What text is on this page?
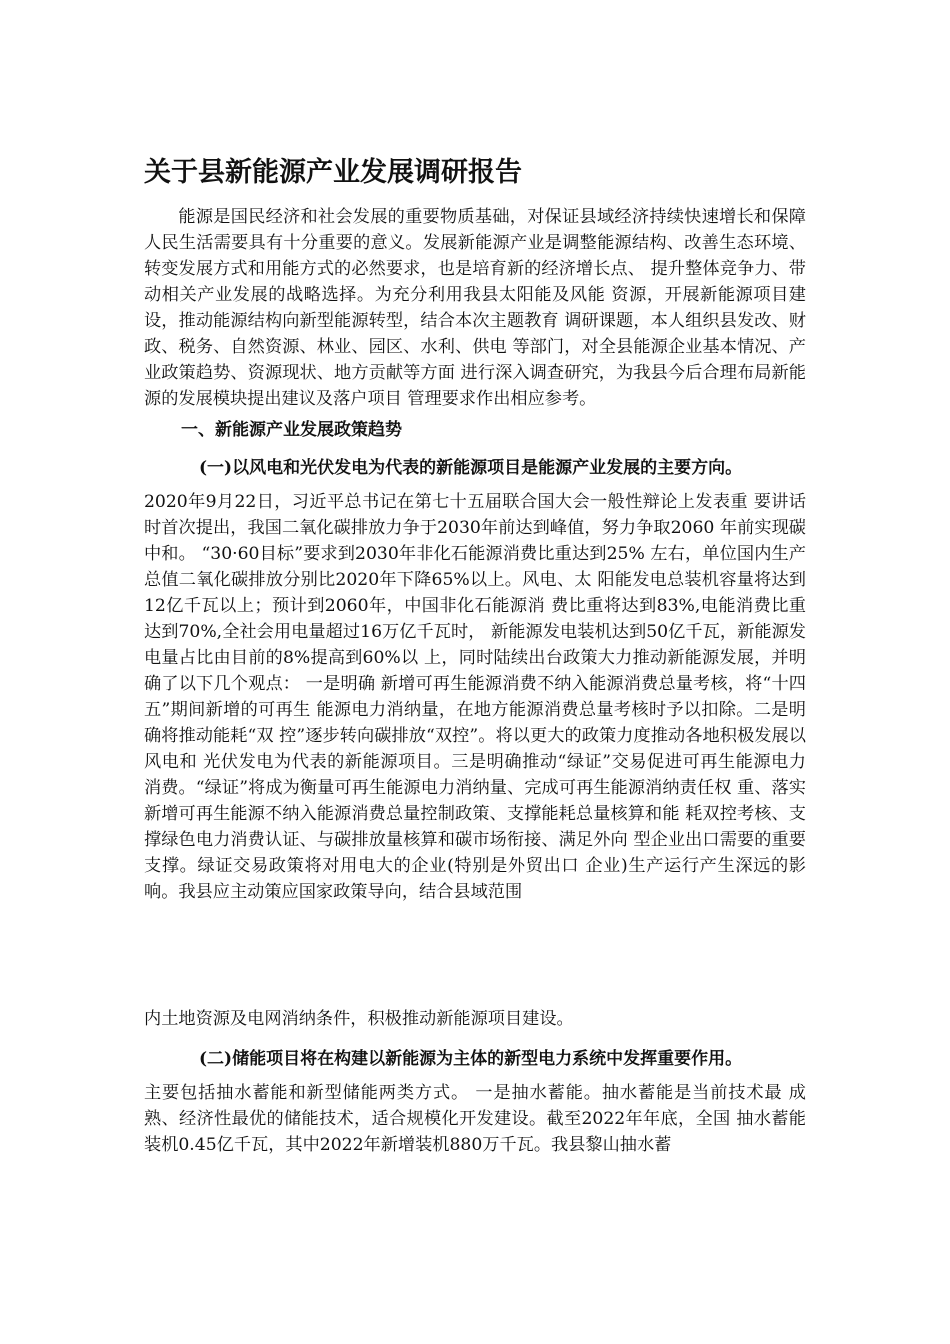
关于县新能源产业发展调研报告

能源是国民经济和社会发展的重要物质基础，对保证县域经济持续快速增长和保障人民生活需要具有十分重要的意义。发展新能源产业是调整能源结构、改善生态环境、转变发展方式和用能方式的必然要求，也是培育新的经济增长点、 提升整体竞争力、带动相关产业发展的战略选择。为充分利用我县太阳能及风能 资源，开展新能源项目建设，推动能源结构向新型能源转型，结合本次主题教育 调研课题，本人组织县发改、财政、税务、自然资源、林业、园区、水利、供电 等部门，对全县能源企业基本情况、产业政策趋势、资源现状、地方贡献等方面 进行深入调查研究，为我县今后合理布局新能源的发展模块提出建议及落户项目 管理要求作出相应参考。

一、新能源产业发展政策趋势
(一)以风电和光伏发电为代表的新能源项目是能源产业发展的主要方向。

2020年9月22日，习近平总书记在第七十五届联合国大会一般性辩论上发表重 要讲话时首次提出，我国二氧化碳排放力争于2030年前达到峰值，努力争取2060 年前实现碳中和。 “30·60目标”要求到2030年非化石能源消费比重达到25% 左右，单位国内生产总值二氧化碳排放分别比2020年下降65%以上。风电、太 阳能发电总装机容量将达到12亿千瓦以上；预计到2060年，中国非化石能源消 费比重将达到83%,电能消费比重达到70%,全社会用电量超过16万亿千瓦时， 新能源发电装机达到50亿千瓦，新能源发电量占比由目前的8%提高到60%以 上，同时陆续出台政策大力推动新能源发展，并明确了以下几个观点： 一是明确 新增可再生能源消费不纳入能源消费总量考核，将“十四五”期间新增的可再生 能源电力消纳量，在地方能源消费总量考核时予以扣除。二是明确将推动能耗“双 控”逐步转向碳排放“双控”。将以更大的政策力度推动各地积极发展以风电和 光伏发电为代表的新能源项目。三是明确推动“绿证”交易促进可再生能源电力 消费。“绿证”将成为衡量可再生能源电力消纳量、完成可再生能源消纳责任权 重、落实新增可再生能源不纳入能源消费总量控制政策、支撑能耗总量核算和能 耗双控考核、支撑绿色电力消费认证、与碳排放量核算和碳市场衔接、满足外向 型企业出口需要的重要支撑。绿证交易政策将对用电大的企业(特别是外贸出口 企业)生产运行产生深远的影响。我县应主动策应国家政策导向，结合县域范围

内土地资源及电网消纳条件，积极推动新能源项目建设。

(二)储能项目将在构建以新能源为主体的新型电力系统中发挥重要作用。

主要包括抽水蓄能和新型储能两类方式。 一是抽水蓄能。抽水蓄能是当前技术最 成熟、经济性最优的储能技术，适合规模化开发建设。截至2022年年底，全国 抽水蓄能装机0.45亿千瓦，其中2022年新增装机880万千瓦。我县黎山抽水蓄
